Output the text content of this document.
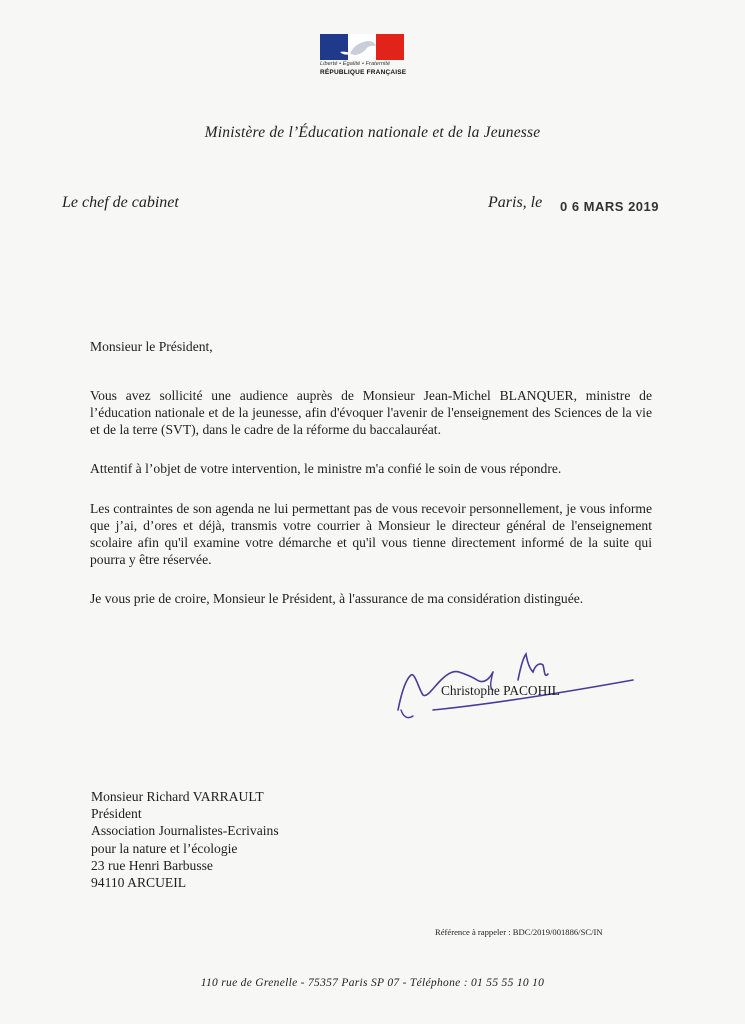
Liberté • Égalité • Fraternité
RÉPUBLIQUE FRANÇAISE
Ministère de l’Éducation nationale et de la Jeunesse
Le chef de cabinet	Paris, le 0 6 MARS 2019
Monsieur le Président,
Vous avez sollicité une audience auprès de Monsieur Jean-Michel BLANQUER, ministre de l’éducation nationale et de la jeunesse, afin d'évoquer l'avenir de l'enseignement des Sciences de la vie et de la terre (SVT), dans le cadre de la réforme du baccalauréat.
Attentif à l’objet de votre intervention, le ministre m'a confié le soin de vous répondre.
Les contraintes de son agenda ne lui permettant pas de vous recevoir personnellement, je vous informe que j’ai, d’ores et déjà, transmis votre courrier à Monsieur le directeur général de l'enseignement scolaire afin qu'il examine votre démarche et qu'il vous tienne directement informé de la suite qui pourra y être réservée.
Je vous prie de croire, Monsieur le Président, à l'assurance de ma considération distinguée.
Christophe PACOHIL
Monsieur Richard VARRAULT
Président
Association Journalistes-Ecrivains
pour la nature et l’écologie
23 rue Henri Barbusse
94110 ARCUEIL
Référence à rappeler : BDC/2019/001886/SC/IN
110 rue de Grenelle - 75357 Paris SP 07 - Téléphone : 01 55 55 10 10
